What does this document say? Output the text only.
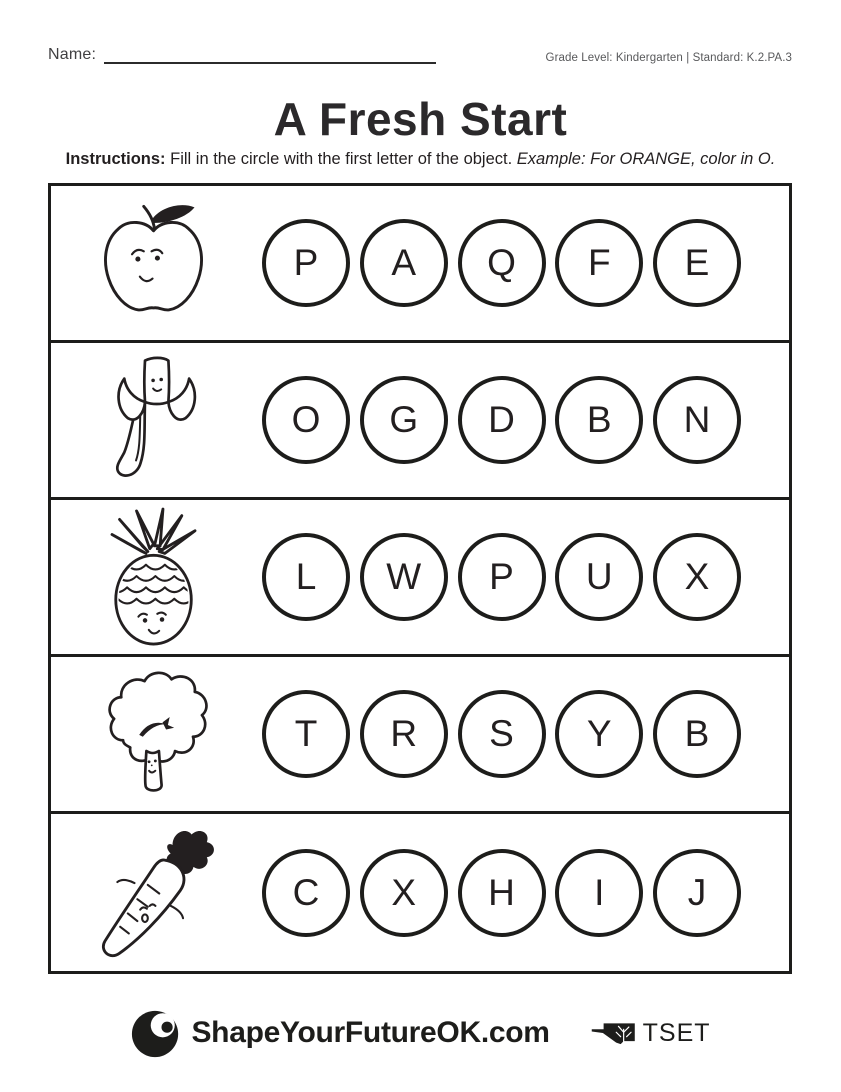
Name:	Grade Level: Kindergarten | Standard: K.2.PA.3
A Fresh Start
Instructions: Fill in the circle with the first letter of the object. Example: For ORANGE, color in O.
P	A	Q	F	E
O	G	D	B	N
L	W	P	U	X
T	R	S	Y	B
C	X	H	I	J
ShapeYourFutureOK.com	TSET
